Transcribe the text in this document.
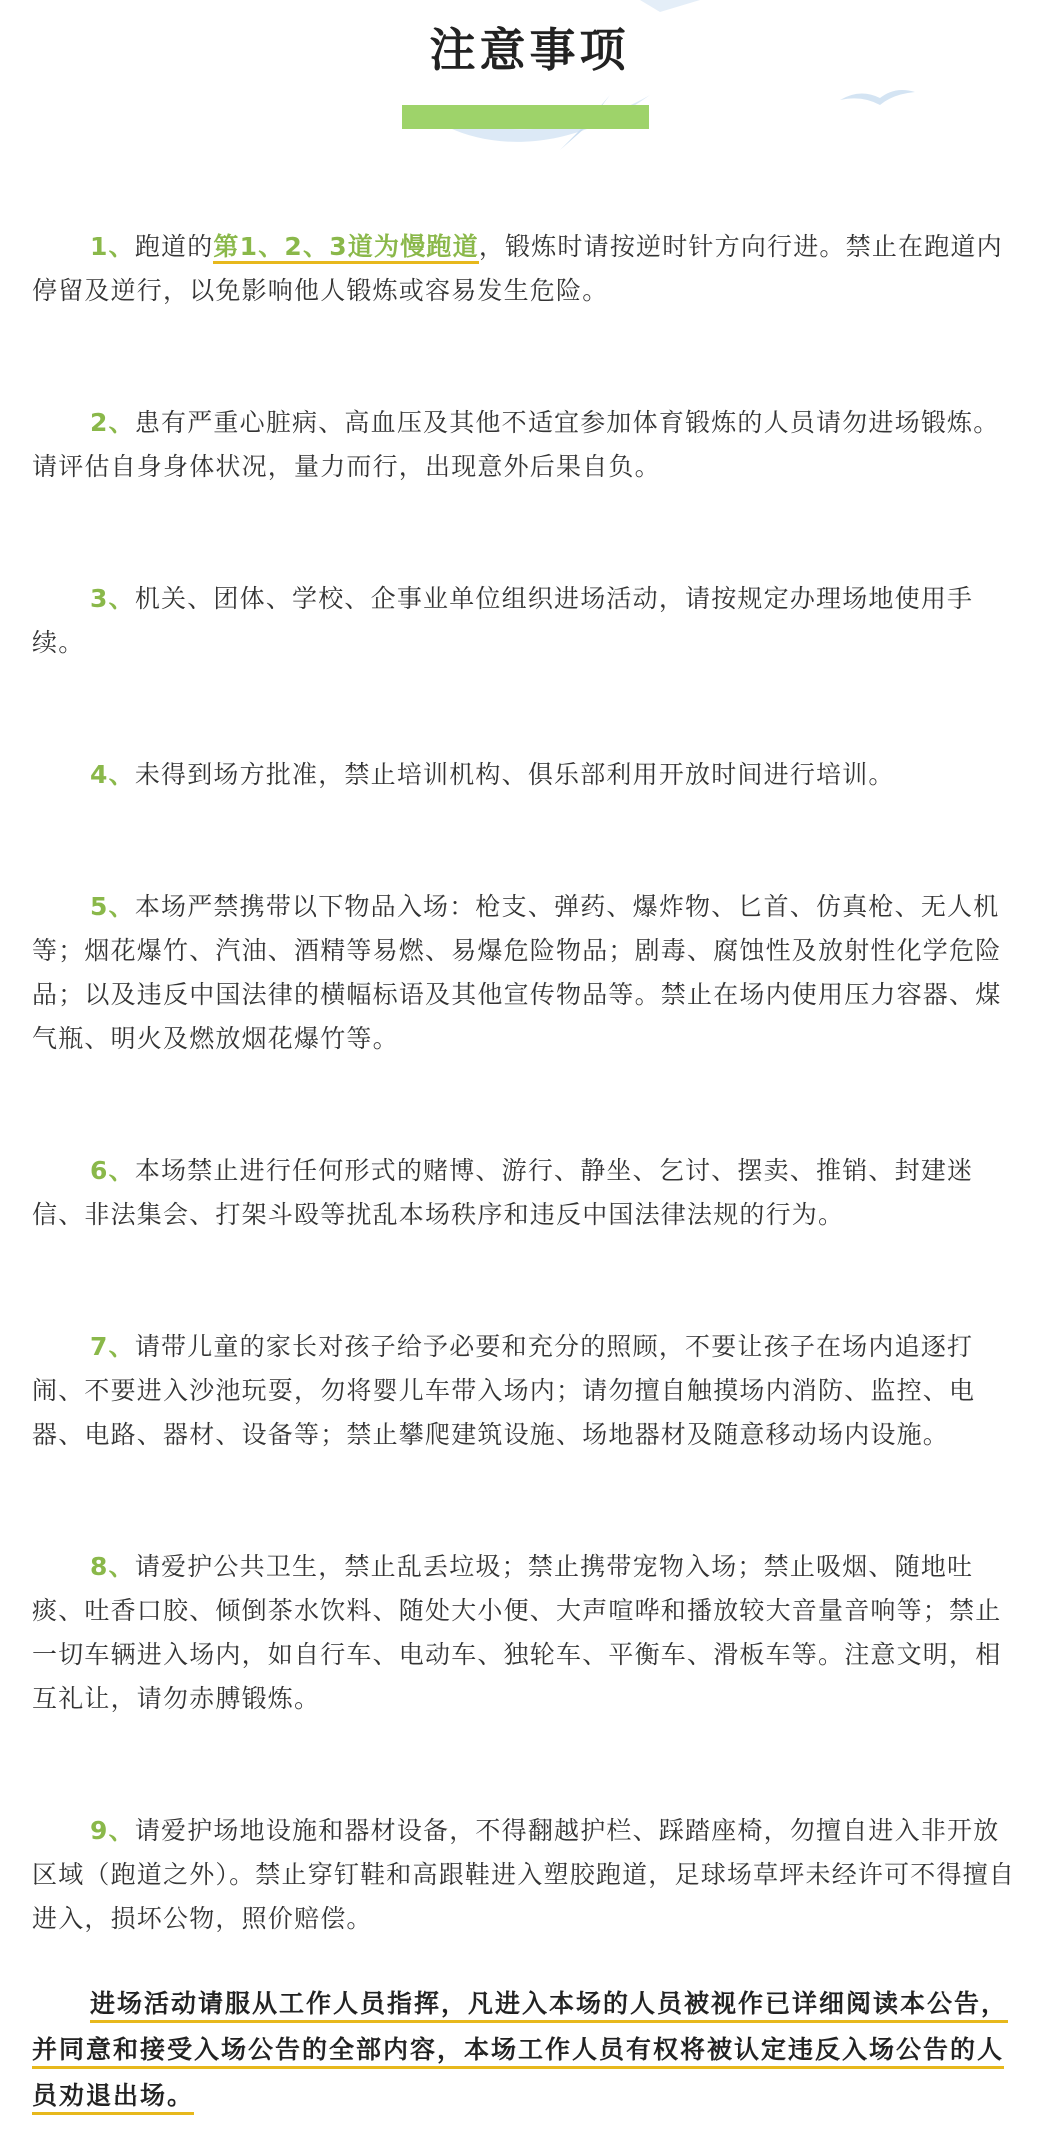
注意事项

1、跑道的第1、2、3道为慢跑道，锻炼时请按逆时针方向行进。禁止在跑道内停留及逆行，以免影响他人锻炼或容易发生危险。

2、患有严重心脏病、高血压及其他不适宜参加体育锻炼的人员请勿进场锻炼。请评估自身身体状况，量力而行，出现意外后果自负。

3、机关、团体、学校、企事业单位组织进场活动，请按规定办理场地使用手续。

4、未得到场方批准，禁止培训机构、俱乐部利用开放时间进行培训。

5、本场严禁携带以下物品入场：枪支、弹药、爆炸物、匕首、仿真枪、无人机等；烟花爆竹、汽油、酒精等易燃、易爆危险物品；剧毒、腐蚀性及放射性化学危险品；以及违反中国法律的横幅标语及其他宣传物品等。禁止在场内使用压力容器、煤气瓶、明火及燃放烟花爆竹等。

6、本场禁止进行任何形式的赌博、游行、静坐、乞讨、摆卖、推销、封建迷信、非法集会、打架斗殴等扰乱本场秩序和违反中国法律法规的行为。

7、请带儿童的家长对孩子给予必要和充分的照顾，不要让孩子在场内追逐打闹、不要进入沙池玩耍，勿将婴儿车带入场内；请勿擅自触摸场内消防、监控、电器、电路、器材、设备等；禁止攀爬建筑设施、场地器材及随意移动场内设施。

8、请爱护公共卫生，禁止乱丢垃圾；禁止携带宠物入场；禁止吸烟、随地吐痰、吐香口胶、倾倒茶水饮料、随处大小便、大声喧哗和播放较大音量音响等；禁止一切车辆进入场内，如自行车、电动车、独轮车、平衡车、滑板车等。注意文明，相互礼让，请勿赤膊锻炼。

9、请爱护场地设施和器材设备，不得翻越护栏、踩踏座椅，勿擅自进入非开放区域（跑道之外）。禁止穿钉鞋和高跟鞋进入塑胶跑道，足球场草坪未经许可不得擅自进入，损坏公物，照价赔偿。

进场活动请服从工作人员指挥，凡进入本场的人员被视作已详细阅读本公告，并同意和接受入场公告的全部内容，本场工作人员有权将被认定违反入场公告的人员劝退出场。
